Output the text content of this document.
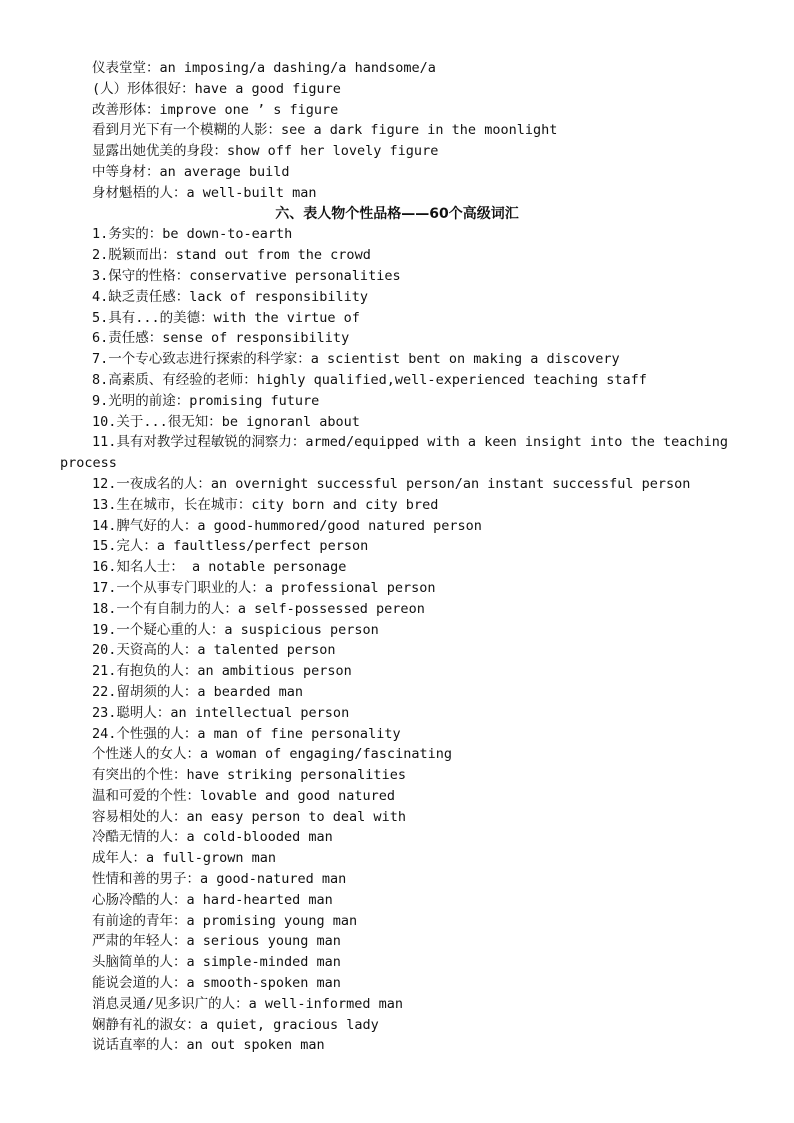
仪表堂堂：an imposing/a dashing/a handsome/a
(人）形体很好：have a good figure
改善形体：improve one ’ s figure
看到月光下有一个模糊的人影：see a dark figure in the moonlight
显露出她优美的身段：show off her lovely figure
中等身材：an average build
身材魁梧的人：a well-built man
六、表人物个性品格——60个高级词汇
1.务实的：be down-to-earth
2.脱颖而出：stand out from the crowd
3.保守的性格：conservative personalities
4.缺乏责任感：lack of responsibility
5.具有...的美德：with the virtue of
6.责任感：sense of responsibility
7.一个专心致志进行探索的科学家：a scientist bent on making a discovery
8.高素质、有经验的老师：highly qualified,well-experienced teaching staff
9.光明的前途：promising future
10.关于...很无知：be ignoranl about
11.具有对教学过程敏锐的洞察力：armed/equipped with a keen insight into the teaching
process
12.一夜成名的人：an overnight successful person/an instant successful person
13.生在城市，长在城市：city born and city bred
14.脾气好的人：a good-hummored/good natured person
15.完人：a faultless/perfect person
16.知名人士： a notable personage
17.一个从事专门职业的人：a professional person
18.一个有自制力的人：a self-possessed pereon
19.一个疑心重的人：a suspicious person
20.天资高的人：a talented person
21.有抱负的人：an ambitious person
22.留胡须的人：a bearded man
23.聪明人：an intellectual person
24.个性强的人：a man of fine personality
个性迷人的女人：a woman of engaging/fascinating
有突出的个性：have striking personalities
温和可爱的个性：lovable and good natured
容易相处的人：an easy person to deal with
冷酷无情的人：a cold-blooded man
成年人：a full-grown man
性情和善的男子：a good-natured man
心肠冷酷的人：a hard-hearted man
有前途的青年：a promising young man
严肃的年轻人：a serious young man
头脑简单的人：a simple-minded man
能说会道的人：a smooth-spoken man
消息灵通/见多识广的人：a well-informed man
娴静有礼的淑女：a quiet, gracious lady
说话直率的人：an out spoken man
